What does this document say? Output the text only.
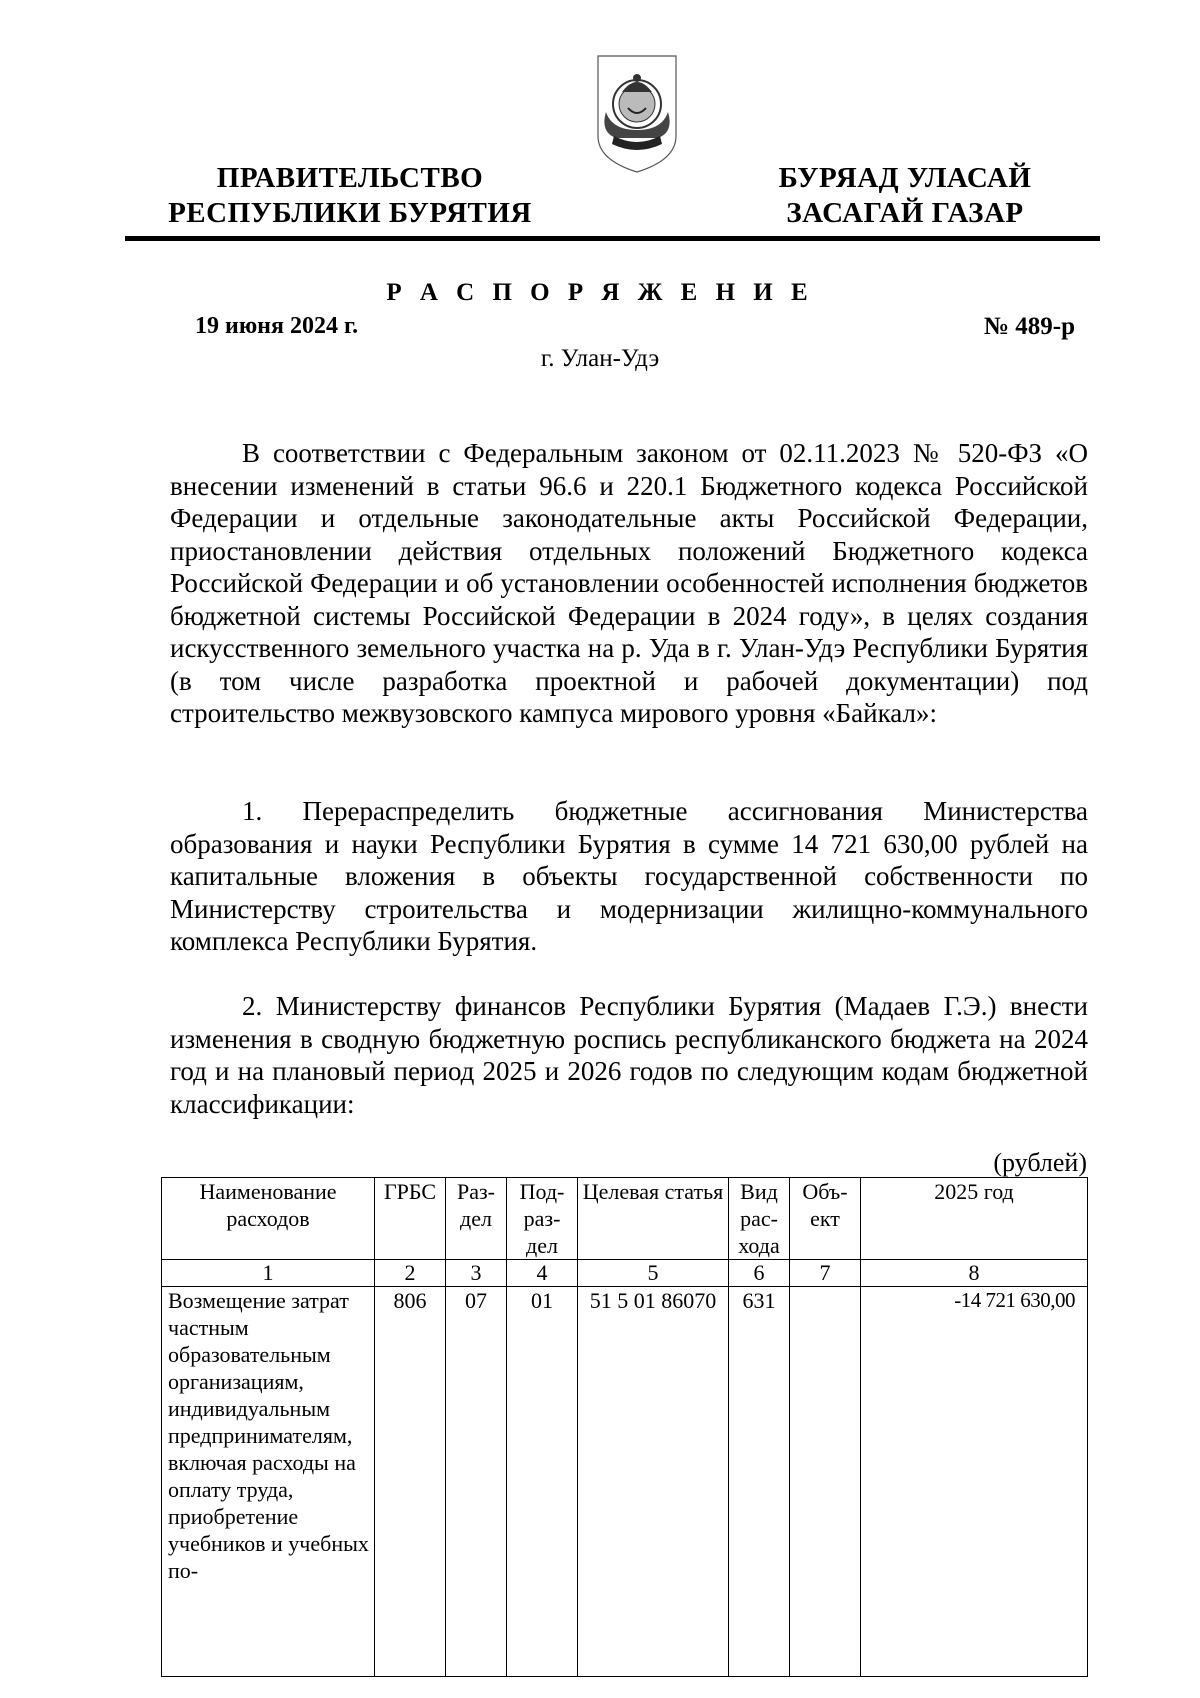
ПРАВИТЕЛЬСТВО
РЕСПУБЛИКИ БУРЯТИЯ
БУРЯАД УЛАСАЙ
ЗАСАГАЙ ГАЗАР
Р А С П О Р Я Ж Е Н И Е
19 июня 2024 г.	№ 489-р
г. Улан-Удэ
В соответствии с Федеральным законом от 02.11.2023 № 520-ФЗ «О внесении изменений в статьи 96.6 и 220.1 Бюджетного кодекса Российской Федерации и отдельные законодательные акты Российской Федерации, приостановлении действия отдельных положений Бюджетного кодекса Российской Федерации и об установлении особенностей исполнения бюджетов бюджетной системы Российской Федерации в 2024 году», в целях создания искусственного земельного участка на р. Уда в г. Улан-Удэ Республики Бурятия (в том числе разработка проектной и рабочей документации) под строительство межвузовского кампуса мирового уровня «Байкал»:
1. Перераспределить бюджетные ассигнования Министерства образования и науки Республики Бурятия в сумме 14 721 630,00 рублей на капитальные вложения в объекты государственной собственности по Министерству строительства и модернизации жилищно-коммунального комплекса Республики Бурятия.
2. Министерству финансов Республики Бурятия (Мадаев Г.Э.) внести изменения в сводную бюджетную роспись республиканского бюджета на 2024 год и на плановый период 2025 и 2026 годов по следующим кодам бюджетной классификации:
(рублей)
Наименование расходов	ГРБС	Раз-дел	Под-раз-дел	Целевая статья	Вид рас-хода	Объ-ект	2025 год
1	2	3	4	5	6	7	8
Возмещение затрат частным образовательным организациям, индивидуальным предпринимателям, включая расходы на оплату труда, приобретение учебников и учебных по-	806	07	01	51 5 01 86070	631		-14 721 630,00
